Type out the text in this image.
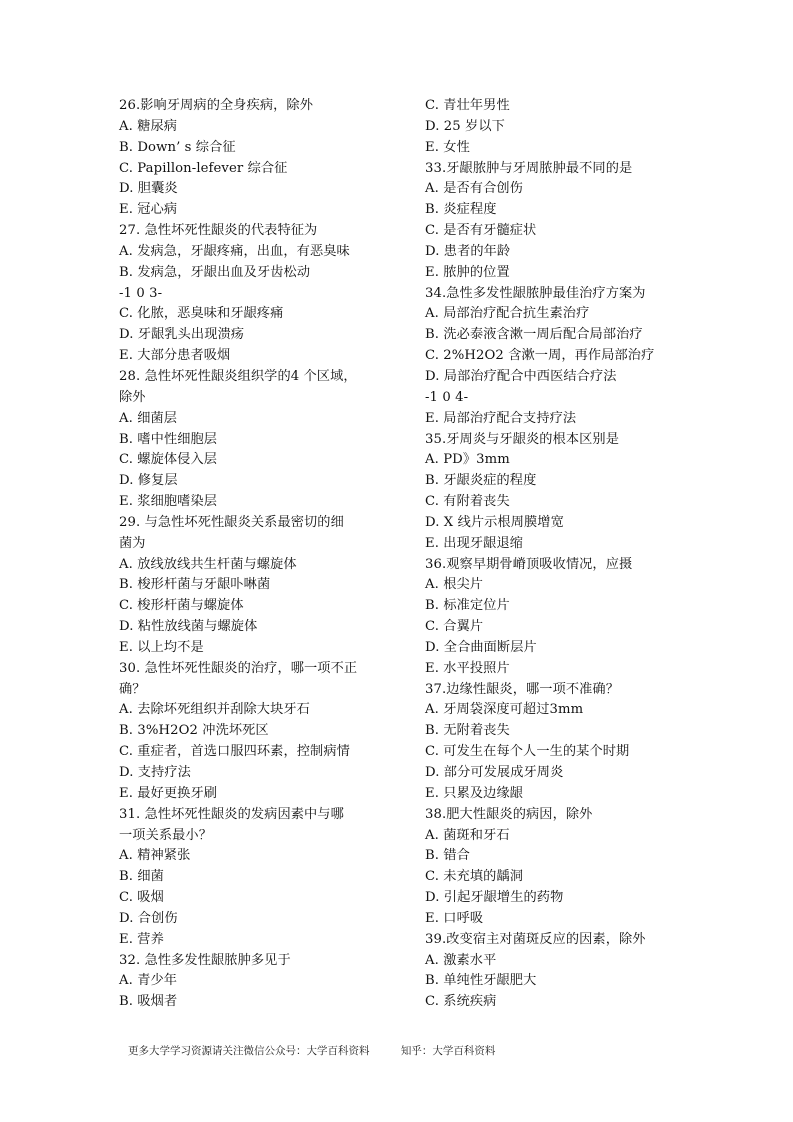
26.影响牙周病的全身疾病，除外
A. 糖尿病
B. Down’ s 综合征
C. Papillon-lefever 综合征
D. 胆囊炎
E. 冠心病
27. 急性坏死性龈炎的代表特征为
A. 发病急，牙龈疼痛，出血，有恶臭味
B. 发病急，牙龈出血及牙齿松动
-1 0 3-
C. 化脓，恶臭味和牙龈疼痛
D. 牙龈乳头出现溃疡
E. 大部分患者吸烟
28. 急性坏死性龈炎组织学的4 个区域，
除外
A. 细菌层
B. 嗜中性细胞层
C. 螺旋体侵入层
D. 修复层
E. 浆细胞嗜染层
29. 与急性坏死性龈炎关系最密切的细
菌为
A. 放线放线共生杆菌与螺旋体
B. 梭形杆菌与牙龈卟啉菌
C. 梭形杆菌与螺旋体
D. 粘性放线菌与螺旋体
E. 以上均不是
30. 急性坏死性龈炎的治疗，哪一项不正
确？
A. 去除坏死组织并刮除大块牙石
B. 3%H2O2 冲洗坏死区
C. 重症者，首选口服四环素，控制病情
D. 支持疗法
E. 最好更换牙刷
31. 急性坏死性龈炎的发病因素中与哪
一项关系最小？
A. 精神紧张
B. 细菌
C. 吸烟
D. 合创伤
E. 营养
32. 急性多发性龈脓肿多见于
A. 青少年
B. 吸烟者
C. 青壮年男性
D. 25 岁以下
E. 女性
33.牙龈脓肿与牙周脓肿最不同的是
A. 是否有合创伤
B. 炎症程度
C. 是否有牙髓症状
D. 患者的年龄
E. 脓肿的位置
34.急性多发性龈脓肿最佳治疗方案为
A. 局部治疗配合抗生素治疗
B. 洗必泰液含漱一周后配合局部治疗
C. 2%H2O2 含漱一周，再作局部治疗
D. 局部治疗配合中西医结合疗法
-1 0 4-
E. 局部治疗配合支持疗法
35.牙周炎与牙龈炎的根本区别是
A. PD》3mm
B. 牙龈炎症的程度
C. 有附着丧失
D. X 线片示根周膜增宽
E. 出现牙龈退缩
36.观察早期骨嵴顶吸收情况，应摄
A. 根尖片
B. 标准定位片
C. 合翼片
D. 全合曲面断层片
E. 水平投照片
37.边缘性龈炎，哪一项不准确？
A. 牙周袋深度可超过3mm
B. 无附着丧失
C. 可发生在每个人一生的某个时期
D. 部分可发展成牙周炎
E. 只累及边缘龈
38.肥大性龈炎的病因，除外
A. 菌斑和牙石
B. 错合
C. 未充填的龋洞
D. 引起牙龈增生的药物
E. 口呼吸
39.改变宿主对菌斑反应的因素，除外
A. 激素水平
B. 单纯性牙龈肥大
C. 系统疾病
更多大学学习资源请关注微信公众号：大学百科资料	知乎：大学百科资料
